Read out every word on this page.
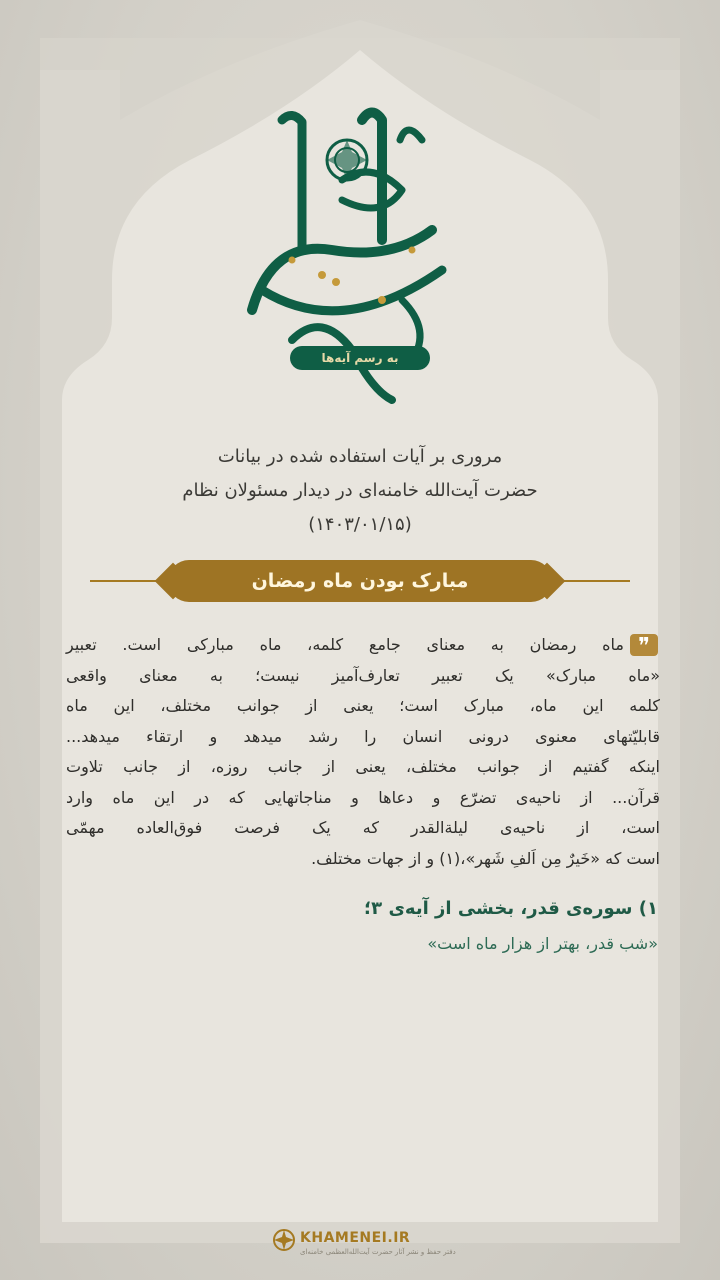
به رسم آیه‌ها
مروری بر آیات استفاده شده در بیانات
حضرت آیت‌الله خامنه‌ای در دیدار مسئولان نظام
(۱۴۰۳/۰۱/۱۵)
مبارک بودن ماه رمضان
❞
ماه رمضان به معنای جامع کلمه، ماه مبارکی است. تعبیر
«ماه مبارک» یک تعبیر تعارف‌آمیز نیست؛ به معنای واقعی
کلمه این ماه، مبارک است؛ یعنی از جوانب مختلف، این ماه
قابلیّتهای معنوی درونی انسان را رشد میدهد و ارتقاء میدهد...
اینکه گفتیم از جوانب مختلف، یعنی از جانب روزه، از جانب تلاوت
قرآن... از ناحیه‌ی تضرّع و دعاها و مناجاتهایی که در این ماه وارد
است، از ناحیه‌ی لیلة‌القدر که یک فرصت فوق‌العاده مهمّی
است که «خَیرٌ مِن اَلفِ شَهر»،(۱) و از جهات مختلف.
۱) سوره‌ی قدر، بخشی از آیه‌ی ۳؛
«شب قدر، بهتر از هزار ماه است»
KHAMENEI.IR
دفتر حفظ و نشر آثار حضرت آیت‌الله‌العظمی خامنه‌ای
